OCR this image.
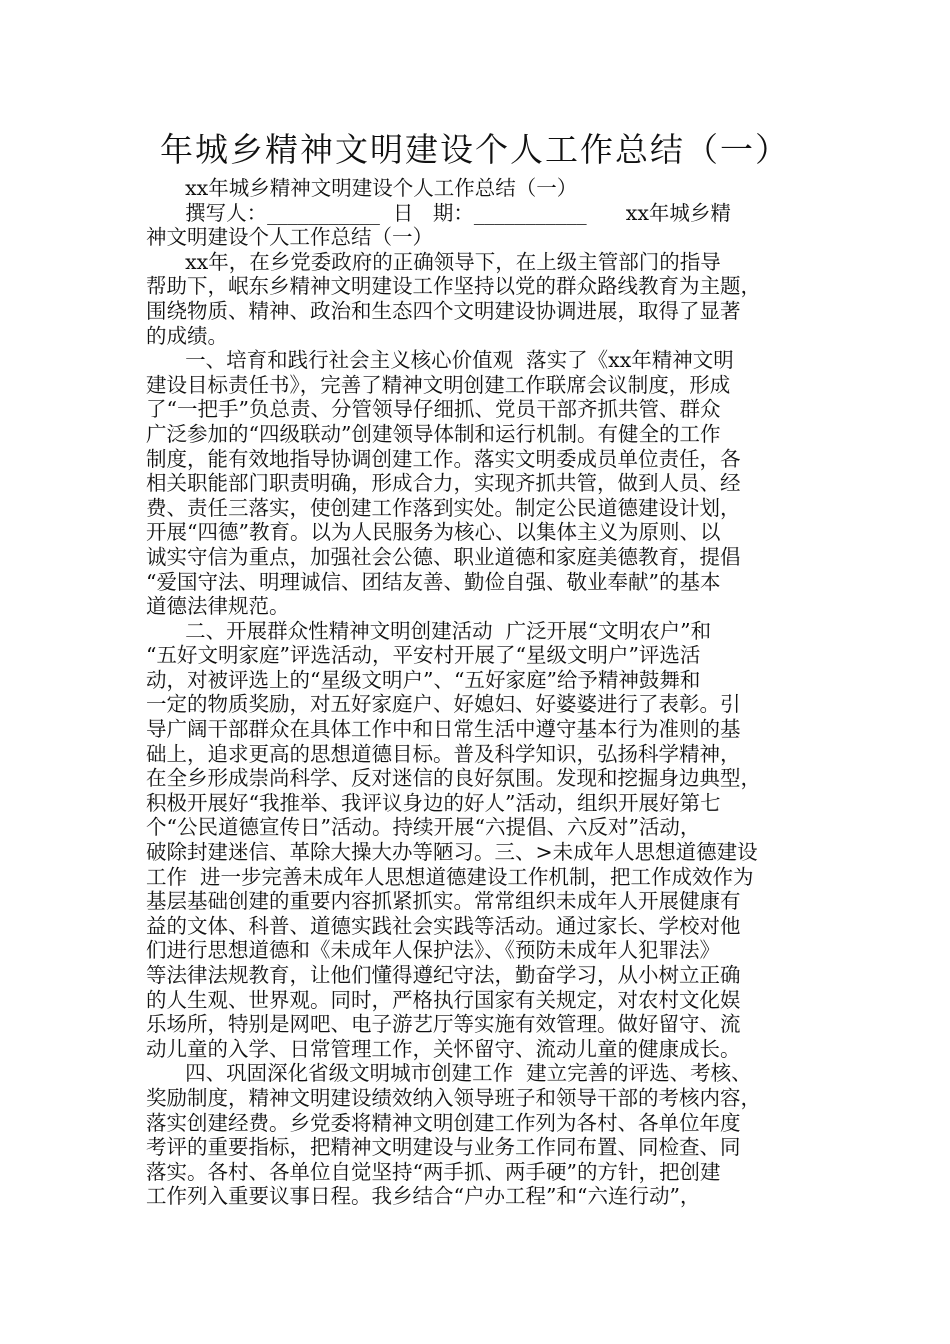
年城乡精神文明建设个人工作总结（一）
xx年城乡精神文明建设个人工作总结（一）
撰写人：___________  日   期：___________      xx年城乡精
神文明建设个人工作总结（一）
xx年，在乡党委政府的正确领导下，在上级主管部门的指导
帮助下，岷东乡精神文明建设工作坚持以党的群众路线教育为主题，
围绕物质、精神、政治和生态四个文明建设协调进展，取得了显著
的成绩。
一、培育和践行社会主义核心价值观  落实了《xx年精神文明
建设目标责任书》，完善了精神文明创建工作联席会议制度，形成
了“一把手”负总责、分管领导仔细抓、党员干部齐抓共管、群众
广泛参加的“四级联动”创建领导体制和运行机制。有健全的工作
制度，能有效地指导协调创建工作。落实文明委成员单位责任，各
相关职能部门职责明确，形成合力，实现齐抓共管，做到人员、经
费、责任三落实，使创建工作落到实处。制定公民道德建设计划，
开展“四德”教育。以为人民服务为核心、以集体主义为原则、以
诚实守信为重点，加强社会公德、职业道德和家庭美德教育，提倡
“爱国守法、明理诚信、团结友善、勤俭自强、敬业奉献”的基本
道德法律规范。
二、开展群众性精神文明创建活动  广泛开展“文明农户”和
“五好文明家庭”评选活动，平安村开展了“星级文明户”评选活
动，对被评选上的“星级文明户”、“五好家庭”给予精神鼓舞和
一定的物质奖励，对五好家庭户、好媳妇、好婆婆进行了表彰。引
导广阔干部群众在具体工作中和日常生活中遵守基本行为准则的基
础上，追求更高的思想道德目标。普及科学知识，弘扬科学精神，
在全乡形成崇尚科学、反对迷信的良好氛围。发现和挖掘身边典型，
积极开展好“我推举、我评议身边的好人”活动，组织开展好第七
个“公民道德宣传日”活动。持续开展“六提倡、六反对”活动，
破除封建迷信、革除大操大办等陋习。三、>未成年人思想道德建设
工作  进一步完善未成年人思想道德建设工作机制，把工作成效作为
基层基础创建的重要内容抓紧抓实。常常组织未成年人开展健康有
益的文体、科普、道德实践社会实践等活动。通过家长、学校对他
们进行思想道德和《未成年人保护法》、《预防未成年人犯罪法》
等法律法规教育，让他们懂得遵纪守法，勤奋学习，从小树立正确
的人生观、世界观。同时，严格执行国家有关规定，对农村文化娱
乐场所，特别是网吧、电子游艺厅等实施有效管理。做好留守、流
动儿童的入学、日常管理工作，关怀留守、流动儿童的健康成长。
四、巩固深化省级文明城市创建工作  建立完善的评选、考核、
奖励制度，精神文明建设绩效纳入领导班子和领导干部的考核内容，
落实创建经费。乡党委将精神文明创建工作列为各村、各单位年度
考评的重要指标，把精神文明建设与业务工作同布置、同检查、同
落实。各村、各单位自觉坚持“两手抓、两手硬”的方针，把创建
工作列入重要议事日程。我乡结合“户办工程”和“六连行动”，
